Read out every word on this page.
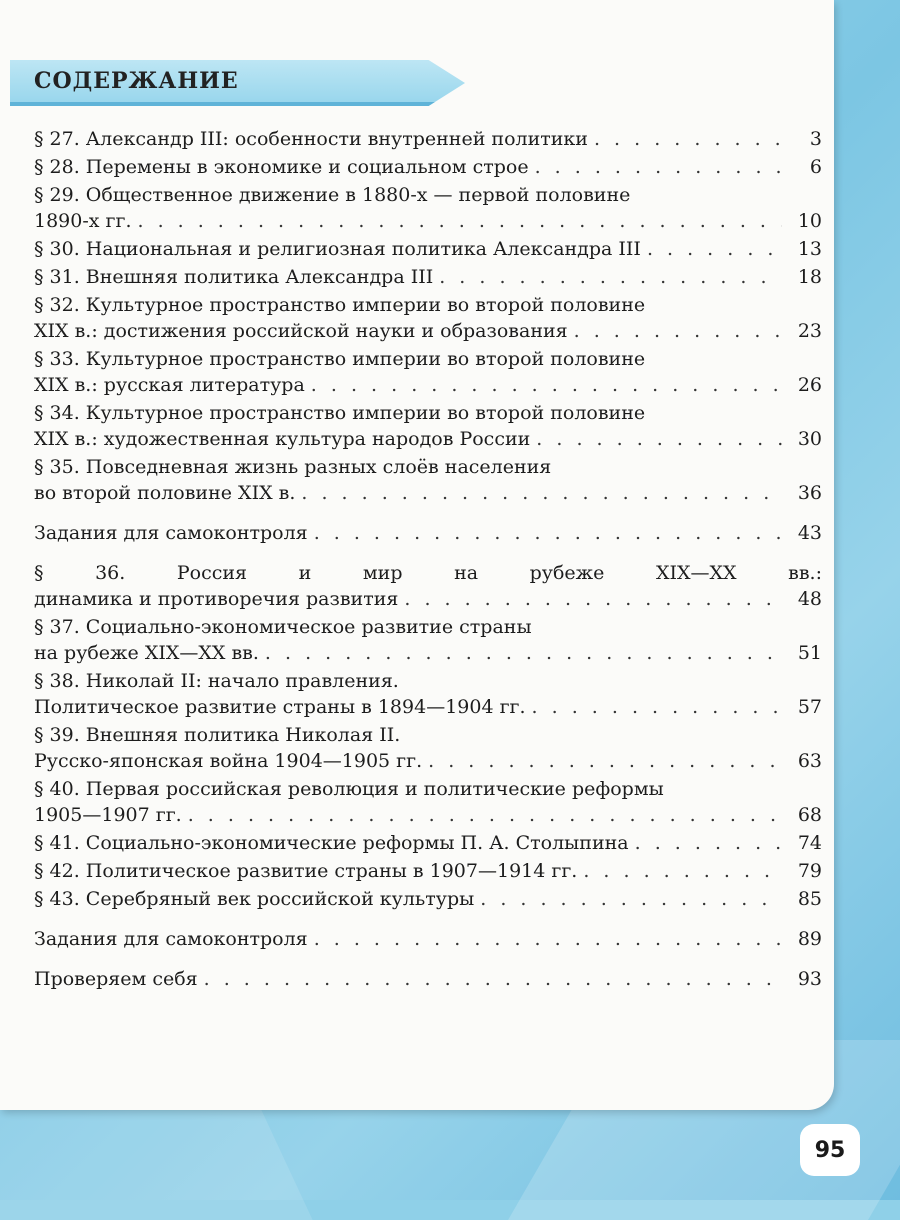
СОДЕРЖАНИЕ
§ 27. Александр III: особенности внутренней политики . . .	3
§ 28. Перемены в экономике и социальном строе . . .	6
§ 29. Общественное движение в 1880-х — первой половине
1890-х гг. . . .	10
§ 30. Национальная и религиозная политика Александра III . . .	13
§ 31. Внешняя политика Александра III . . .	18
§ 32. Культурное пространство империи во второй половине
XIX в.: достижения российской науки и образования . . .	23
§ 33. Культурное пространство империи во второй половине
XIX в.: русская литература . . .	26
§ 34. Культурное пространство империи во второй половине
XIX в.: художественная культура народов России . . .	30
§ 35. Повседневная жизнь разных слоёв населения
во второй половине XIX в. . . .	36
Задания для самоконтроля . . .	43
§ 36. Россия и мир на рубеже XIX—XX вв.:
динамика и противоречия развития . . .	48
§ 37. Социально-экономическое развитие страны
на рубеже XIX—XX вв. . . .	51
§ 38. Николай II: начало правления.
Политическое развитие страны в 1894—1904 гг. . . .	57
§ 39. Внешняя политика Николая II.
Русско-японская война 1904—1905 гг. . . .	63
§ 40. Первая российская революция и политические реформы
1905—1907 гг. . . .	68
§ 41. Социально-экономические реформы П. А. Столыпина . . .	74
§ 42. Политическое развитие страны в 1907—1914 гг. . . .	79
§ 43. Серебряный век российской культуры . . .	85
Задания для самоконтроля . . .	89
Проверяем себя . . .	93
95
